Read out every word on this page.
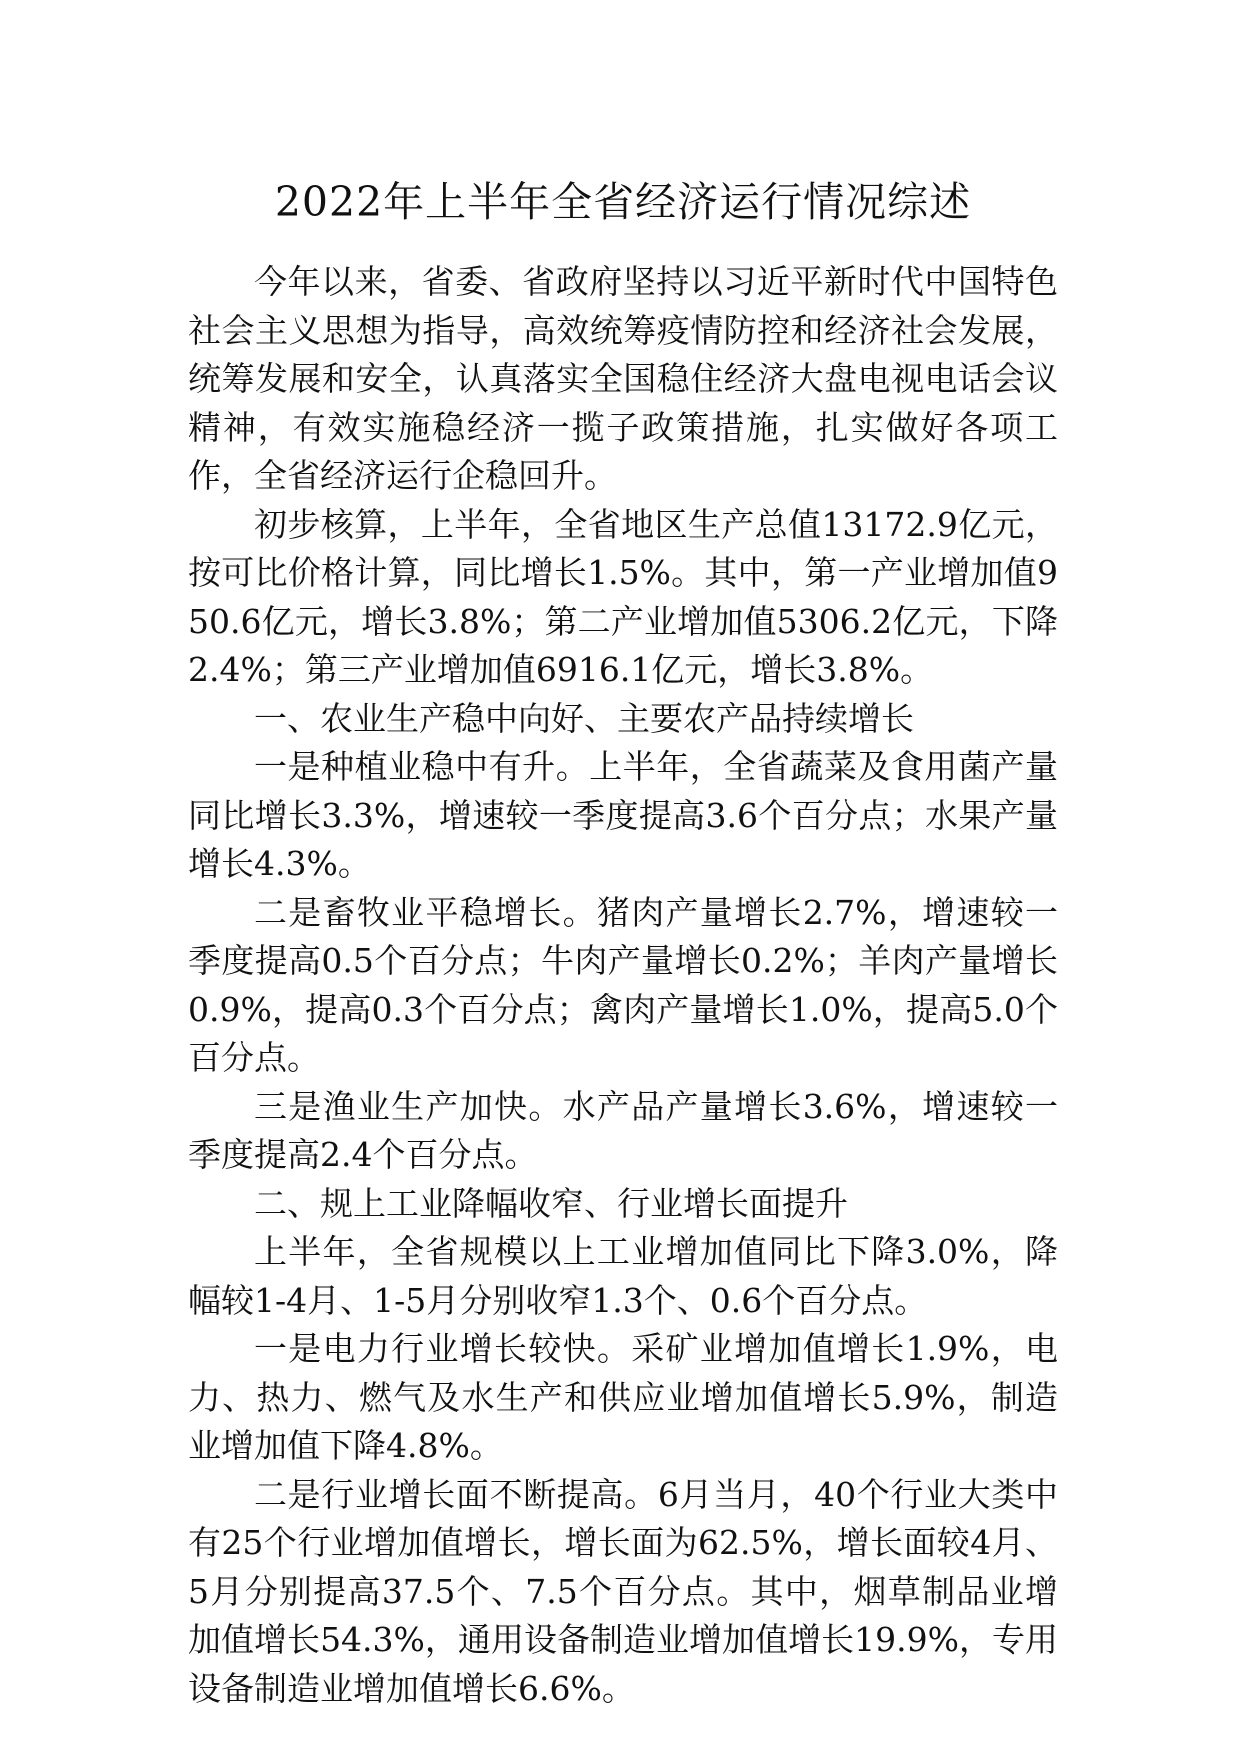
2022年上半年全省经济运行情况综述

今年以来，省委、省政府坚持以习近平新时代中国特色社会主义思想为指导，高效统筹疫情防控和经济社会发展，统筹发展和安全，认真落实全国稳住经济大盘电视电话会议精神，有效实施稳经济一揽子政策措施，扎实做好各项工作，全省经济运行企稳回升。

初步核算，上半年，全省地区生产总值13172.9亿元，按可比价格计算，同比增长1.5%。其中，第一产业增加值950.6亿元，增长3.8%；第二产业增加值5306.2亿元，下降2.4%；第三产业增加值6916.1亿元，增长3.8%。

一、农业生产稳中向好、主要农产品持续增长

一是种植业稳中有升。上半年，全省蔬菜及食用菌产量同比增长3.3%，增速较一季度提高3.6个百分点；水果产量增长4.3%。

二是畜牧业平稳增长。猪肉产量增长2.7%，增速较一季度提高0.5个百分点；牛肉产量增长0.2%；羊肉产量增长0.9%，提高0.3个百分点；禽肉产量增长1.0%，提高5.0个百分点。

三是渔业生产加快。水产品产量增长3.6%，增速较一季度提高2.4个百分点。

二、规上工业降幅收窄、行业增长面提升

上半年，全省规模以上工业增加值同比下降3.0%，降幅较1-4月、1-5月分别收窄1.3个、0.6个百分点。

一是电力行业增长较快。采矿业增加值增长1.9%，电力、热力、燃气及水生产和供应业增加值增长5.9%，制造业增加值下降4.8%。

二是行业增长面不断提高。6月当月，40个行业大类中有25个行业增加值增长，增长面为62.5%，增长面较4月、5月分别提高37.5个、7.5个百分点。其中，烟草制品业增加值增长54.3%，通用设备制造业增加值增长19.9%，专用设备制造业增加值增长6.6%。
